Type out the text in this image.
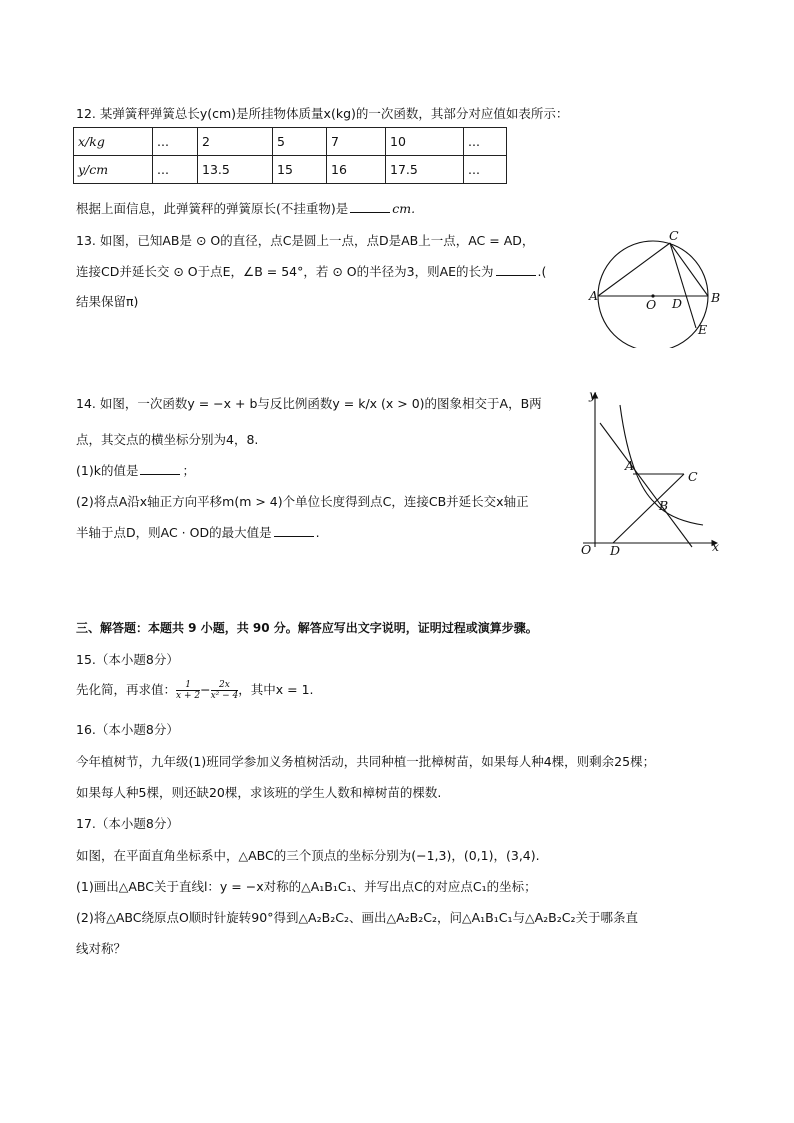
12. 某弹簧秤弹簧总长y(cm)是所挂物体质量x(kg)的一次函数，其部分对应值如表所示：
x/kg	...	2	5	7	10	...
y/cm	...	13.5	15	16	17.5	...
根据上面信息，此弹簧秤的弹簧原长(不挂重物)是	cm.
13. 如图，已知AB是 ⊙ O的直径，点C是圆上一点，点D是AB上一点，AC = AD，
连接CD并延长交 ⊙ O于点E，∠B = 54°，若 ⊙ O的半径为3，则AE的长为	.(
结果保留π)	A	B
C
D
E
O
14. 如图，一次函数y = −x + b与反比例函数y = k/x (x > 0)的图象相交于A，B两
点，其交点的横坐标分别为4，8.
(1)k的值是	；
(2)将点A沿x轴正方向平移m(m > 4)个单位长度得到点C，连接CB并延长交x轴正
半轴于点D，则AC · OD的最大值是	.
y
x
O
A
B
C
D
三、解答题：本题共 9 小题，共 90 分。解答应写出文字说明，证明过程或演算步骤。
15.（本小题8分）
先化简，再求值： $\frac{1}{x + 2} - \frac{2x}{\text{x² − 4}}$ ，其中x = 1.
16.（本小题8分）
今年植树节，九年级(1)班同学参加义务植树活动，共同种植一批樟树苗，如果每人种4棵，则剩余25棵；
如果每人种5棵，则还缺20棵，求该班的学生人数和樟树苗的棵数.
17.（本小题8分）
如图，在平面直角坐标系中，△ABC的三个顶点的坐标分别为(−1,3)，(0,1)，(3,4).
(1)画出△ABC关于直线l：y = −x对称的△A₁B₁C₁、并写出点C的对应点C₁的坐标；
(2)将△ABC绕原点O顺时针旋转90°得到△A₂B₂C₂、画出△A₂B₂C₂，问△A₁B₁C₁与△A₂B₂C₂关于哪条直
线对称？
